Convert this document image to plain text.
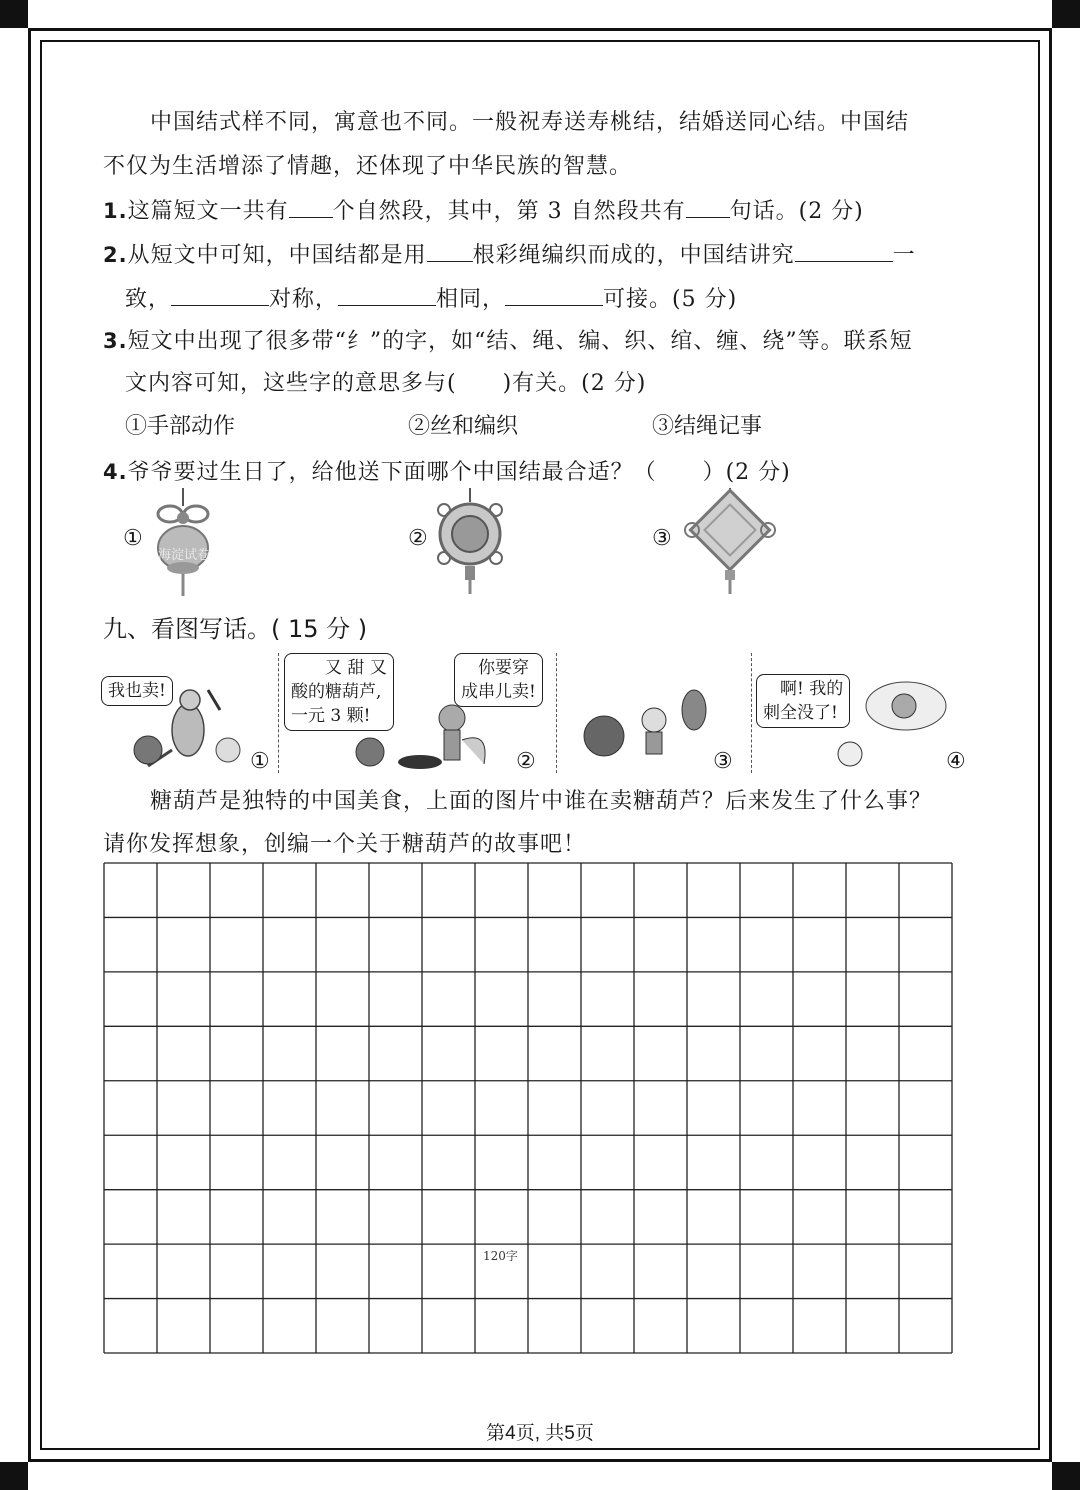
中国结式样不同，寓意也不同。一般祝寿送寿桃结，结婚送同心结。中国结
不仅为生活增添了情趣，还体现了中华民族的智慧。
1.这篇短文一共有 个自然段，其中，第 3 自然段共有 句话。(2 分)
2.从短文中可知，中国结都是用 根彩绳编织而成的，中国结讲究	一
致，	对称，	相同，	可接。(5 分)
3.短文中出现了很多带“纟”的字，如“结、绳、编、织、绾、缠、绕”等。联系短
文内容可知，这些字的意思多与(　　)有关。(2 分)
①手部动作	②丝和编织	③结绳记事
4.爷爷要过生日了，给他送下面哪个中国结最合适？（　　）(2 分)
①	②	③
海淀试卷
九、看图写话。( 15 分 )
我也卖!
①
　　又 甜 又
酸的糖葫芦,
一元 3 颗!
　你要穿
成串儿卖!
②	③
　啊! 我的
刺全没了!
④
糖葫芦是独特的中国美食，上面的图片中谁在卖糖葫芦？后来发生了什么事？
请你发挥想象，创编一个关于糖葫芦的故事吧！
120字
第4页, 共5页
